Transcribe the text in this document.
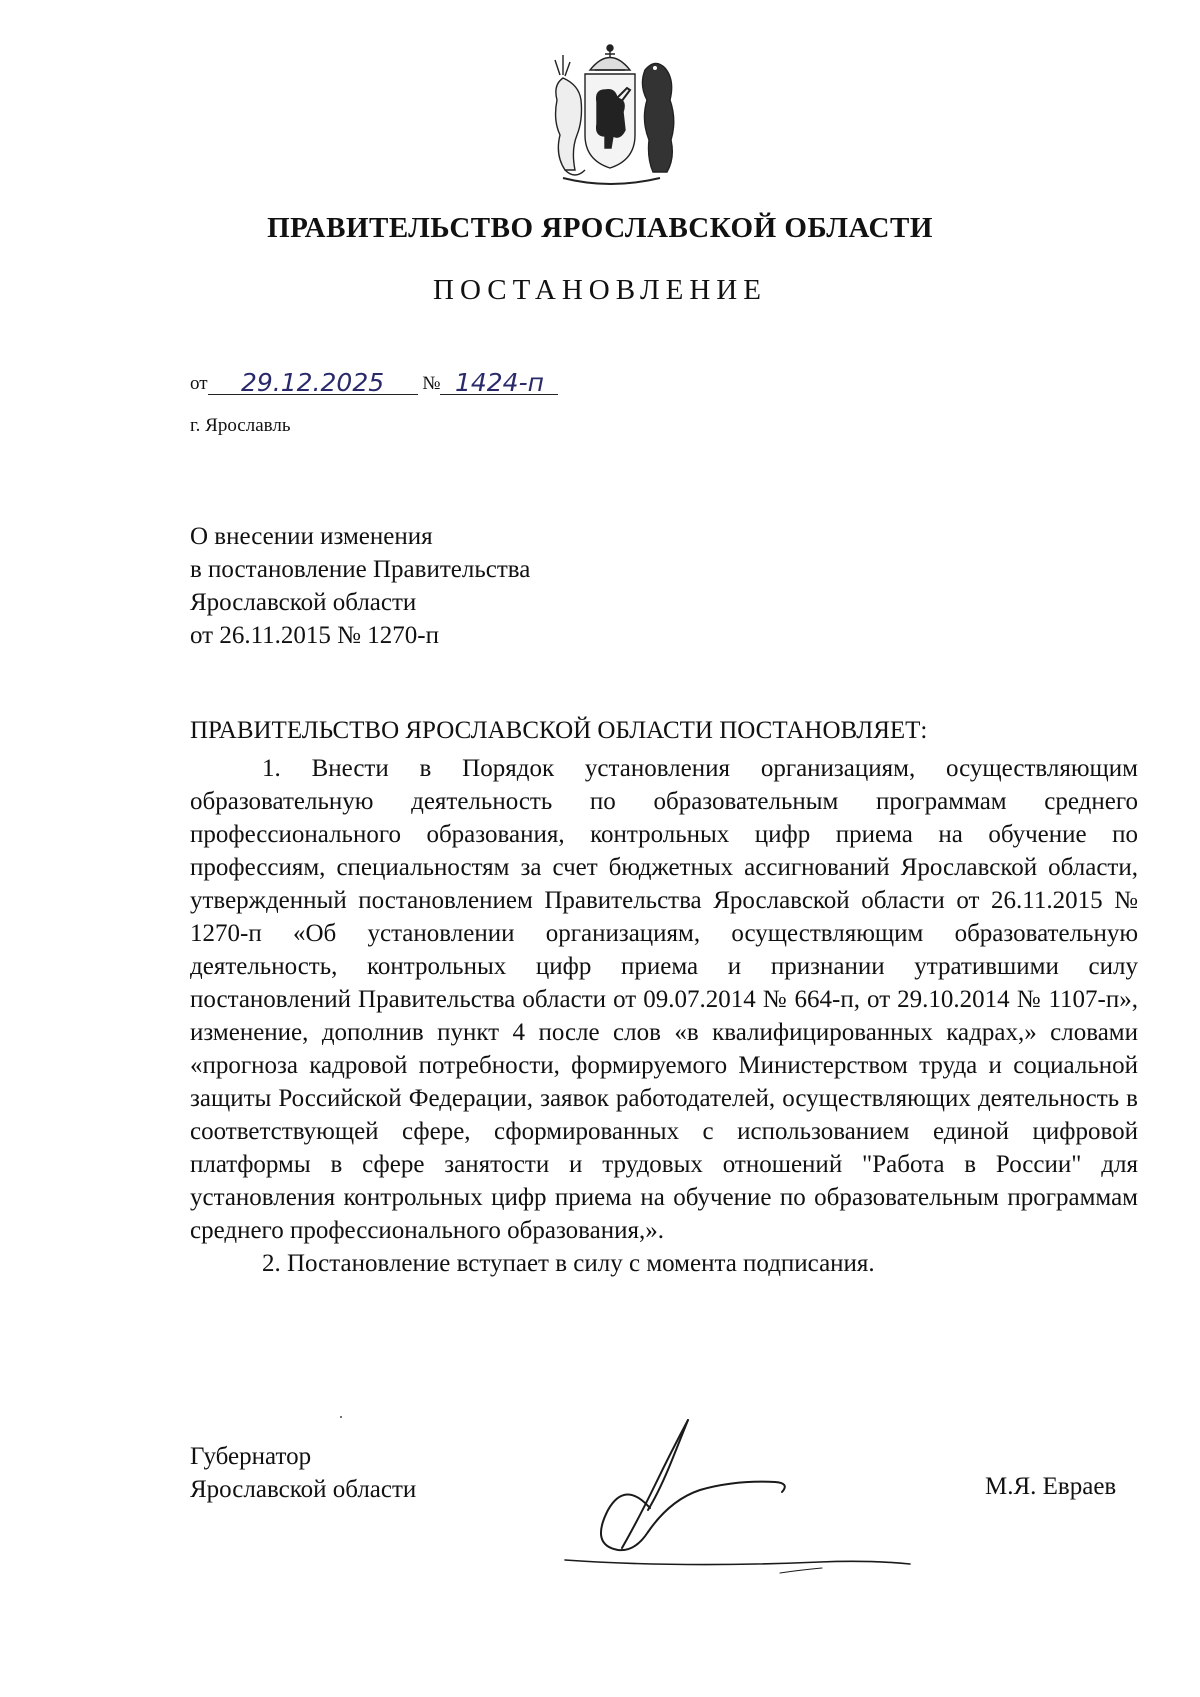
ПРАВИТЕЛЬСТВО ЯРОСЛАВСКОЙ ОБЛАСТИ
ПОСТАНОВЛЕНИЕ
от 29.12.2025 № 1424-п
г. Ярославль
О внесении изменения
в постановление Правительства
Ярославской области
от 26.11.2015 № 1270-п
ПРАВИТЕЛЬСТВО ЯРОСЛАВСКОЙ ОБЛАСТИ ПОСТАНОВЛЯЕТ:

1. Внести в Порядок установления организациям, осуществляющим образовательную деятельность по образовательным программам среднего профессионального образования, контрольных цифр приема на обучение по профессиям, специальностям за счет бюджетных ассигнований Ярославской области, утвержденный постановлением Правительства Ярославской области от 26.11.2015 № 1270-п «Об установлении организациям, осуществляющим образовательную деятельность, контрольных цифр приема и признании утратившими силу постановлений Правительства области от 09.07.2014 № 664-п, от 29.10.2014 № 1107-п», изменение, дополнив пункт 4 после слов «в квалифицированных кадрах,» словами «прогноза кадровой потребности, формируемого Министерством труда и социальной защиты Российской Федерации, заявок работодателей, осуществляющих деятельность в соответствующей сфере, сформированных с использованием единой цифровой платформы в сфере занятости и трудовых отношений "Работа в России" для установления контрольных цифр приема на обучение по образовательным программам среднего профессионального образования,».

2. Постановление вступает в силу с момента подписания.

Губернатор
Ярославской области	М.Я. Евраев
